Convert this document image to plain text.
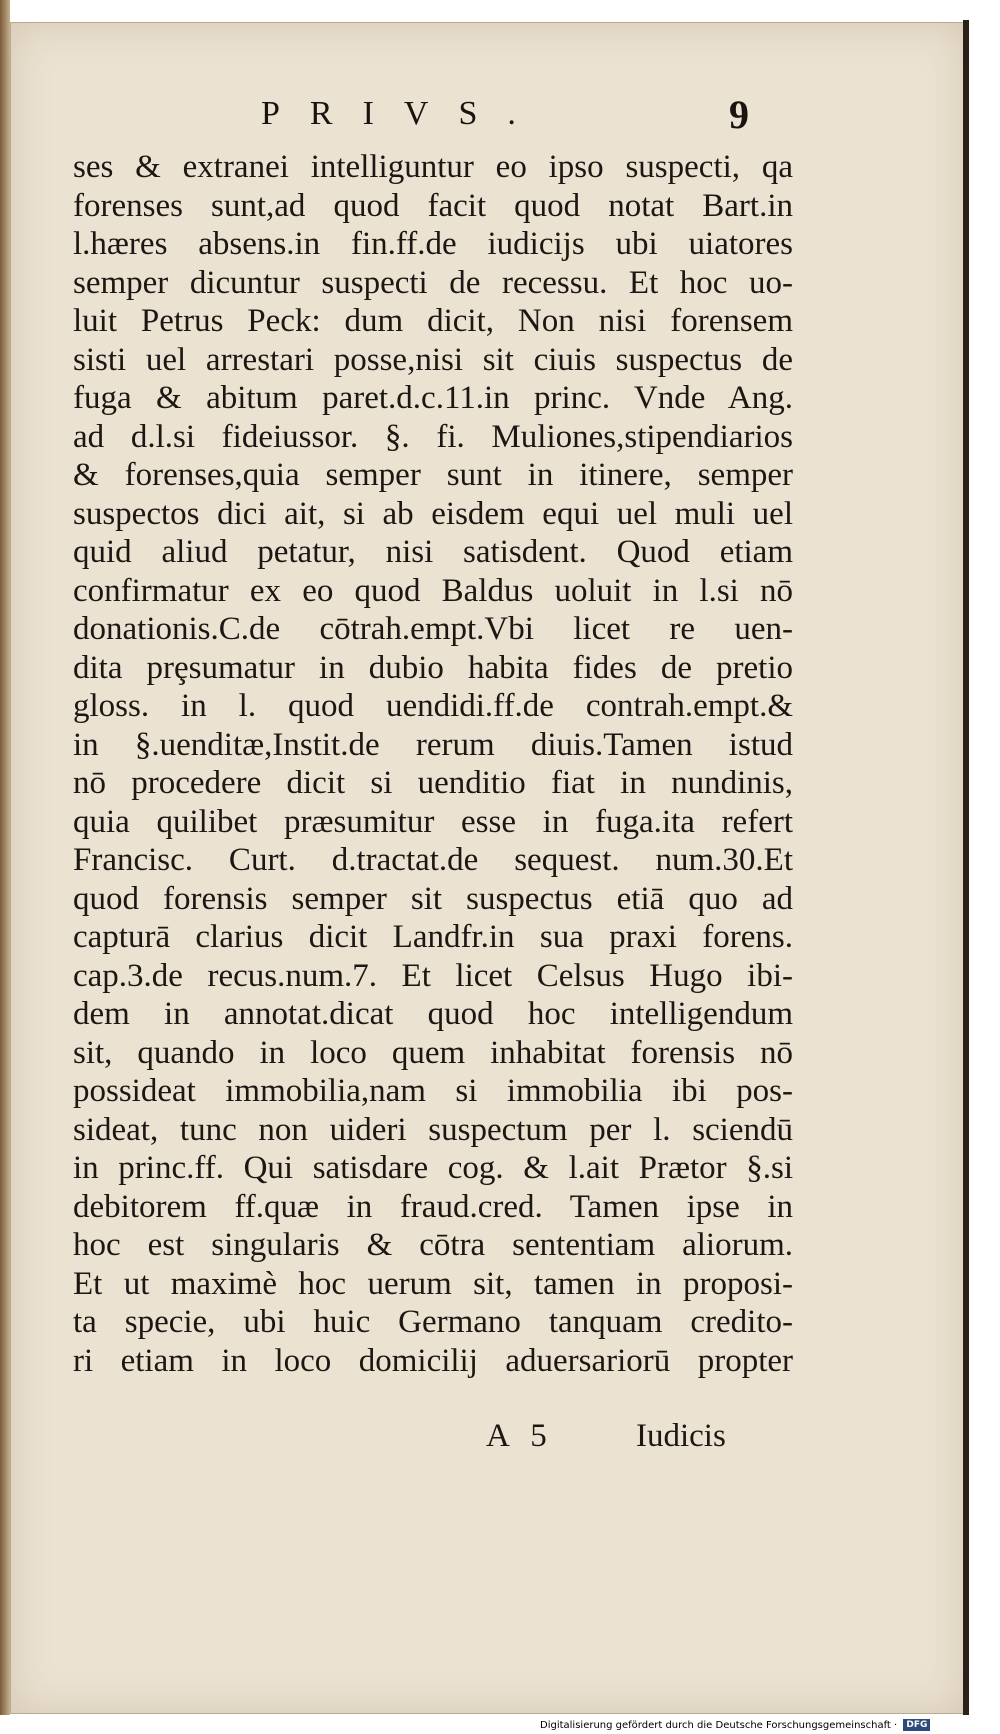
PRIVS.	9
ses & extranei intelliguntur eo ipso suspecti, qa
forenses sunt,ad quod facit quod notat Bart.in
l.hæres absens.in fin.ff.de iudicijs ubi uiatores
semper dicuntur suspecti de recessu. Et hoc uo-
luit Petrus Peck: dum dicit, Non nisi forensem
sisti uel arrestari posse,nisi sit ciuis suspectus de
fuga & abitum paret.d.c.11.in princ. Vnde Ang.
ad d.l.si fideiussor. §. fi. Muliones,stipendiarios
& forenses,quia semper sunt in itinere, semper
suspectos dici ait, si ab eisdem equi uel muli uel
quid aliud petatur, nisi satisdent. Quod etiam
confirmatur ex eo quod Baldus uoluit in l.si nō
donationis.C.de cōtrah.empt.Vbi licet re uen-
dita prȩsumatur in dubio habita fides de pretio
gloss. in l. quod uendidi.ff.de contrah.empt.&
in §.uenditæ,Instit.de rerum diuis.Tamen istud
nō procedere dicit si uenditio fiat in nundinis,
quia quilibet præsumitur esse in fuga.ita refert
Francisc. Curt. d.tractat.de sequest. num.30.Et
quod forensis semper sit suspectus etiā quo ad
capturā clarius dicit Landfr.in sua praxi forens.
cap.3.de recus.num.7. Et licet Celsus Hugo ibi-
dem in annotat.dicat quod hoc intelligendum
sit, quando in loco quem inhabitat forensis nō
possideat immobilia,nam si immobilia ibi pos-
sideat, tunc non uideri suspectum per l. sciendū
in princ.ff. Qui satisdare cog. & l.ait Prætor §.si
debitorem ff.quæ in fraud.cred. Tamen ipse in
hoc est singularis & cōtra sententiam aliorum.
Et ut maximè hoc uerum sit, tamen in proposi-
ta specie, ubi huic Germano tanquam credito-
ri etiam in loco domicilij aduersariorū propter
A 5	Iudicis
Digitalisierung gefördert durch die Deutsche Forschungsgemeinschaft · DFG
